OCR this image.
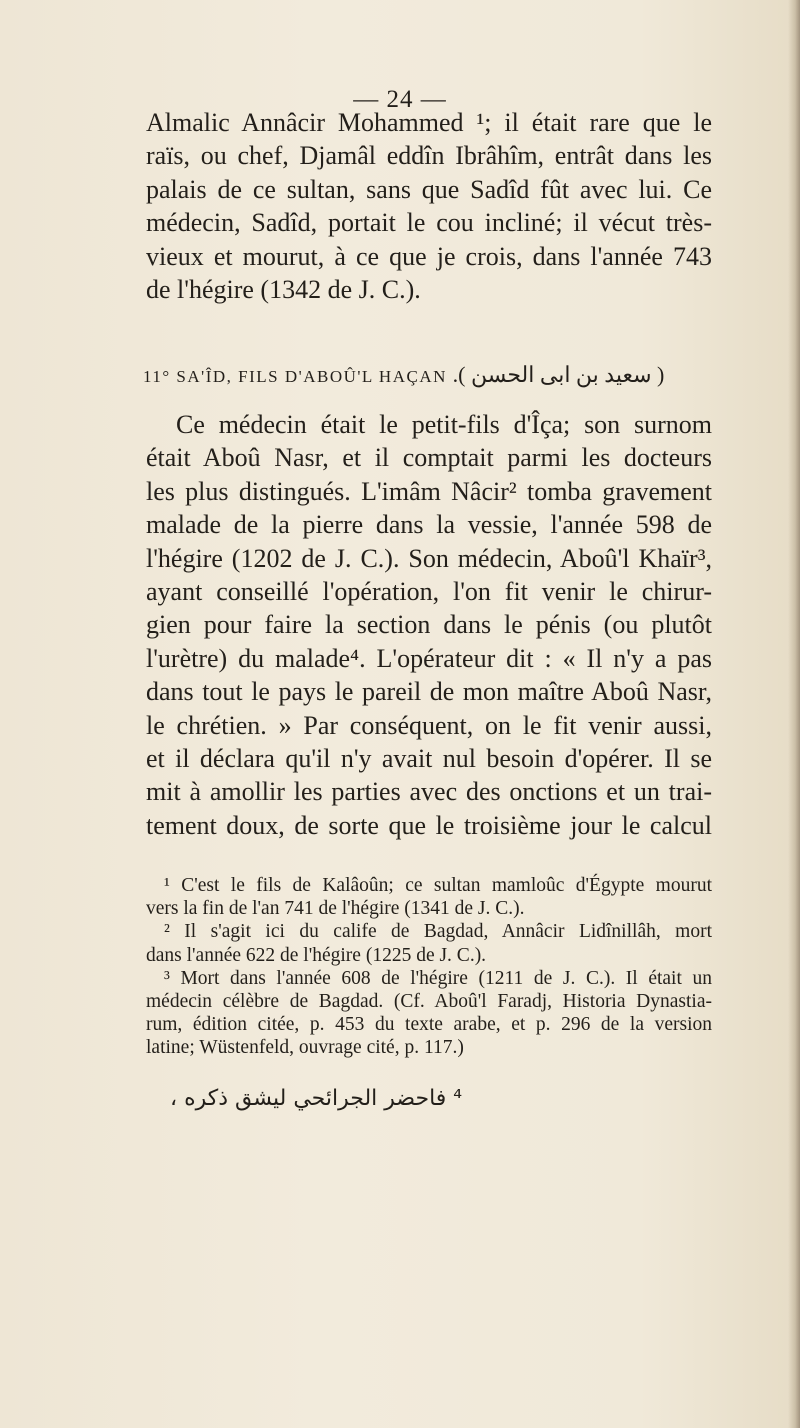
— 24 —
Almalic Annâcir Mohammed ¹; il était rare que le
raïs, ou chef, Djamâl eddîn Ibrâhîm, entrât dans les
palais de ce sultan, sans que Sadîd fût avec lui. Ce
médecin, Sadîd, portait le cou incliné; il vécut très-
vieux et mourut, à ce que je crois, dans l'année 743
de l'hégire (1342 de J. C.).
11° SA'ÎD, FILS D'ABOÛ'L HAÇAN ( سعيد بن ابى الحسن ).
Ce médecin était le petit-fils d'Îça; son surnom
était Aboû Nasr, et il comptait parmi les docteurs
les plus distingués. L'imâm Nâcir² tomba gravement
malade de la pierre dans la vessie, l'année 598 de
l'hégire (1202 de J. C.). Son médecin, Aboû'l Khaïr³,
ayant conseillé l'opération, l'on fit venir le chirur-
gien pour faire la section dans le pénis (ou plutôt
l'urètre) du malade⁴. L'opérateur dit : « Il n'y a pas
dans tout le pays le pareil de mon maître Aboû Nasr,
le chrétien. » Par conséquent, on le fit venir aussi,
et il déclara qu'il n'y avait nul besoin d'opérer. Il se
mit à amollir les parties avec des onctions et un trai-
tement doux, de sorte que le troisième jour le calcul
¹ C'est le fils de Kalâoûn; ce sultan mamloûc d'Égypte mourut
vers la fin de l'an 741 de l'hégire (1341 de J. C.).
² Il s'agit ici du calife de Bagdad, Annâcir Lidînillâh, mort
dans l'année 622 de l'hégire (1225 de J. C.).
³ Mort dans l'année 608 de l'hégire (1211 de J. C.). Il était un
médecin célèbre de Bagdad. (Cf. Aboû'l Faradj, Historia Dynastia-
rum, édition citée, p. 453 du texte arabe, et p. 296 de la version
latine; Wüstenfeld, ouvrage cité, p. 117.)
⁴ فاحضر الجرائحي ليشق ذكره ،
